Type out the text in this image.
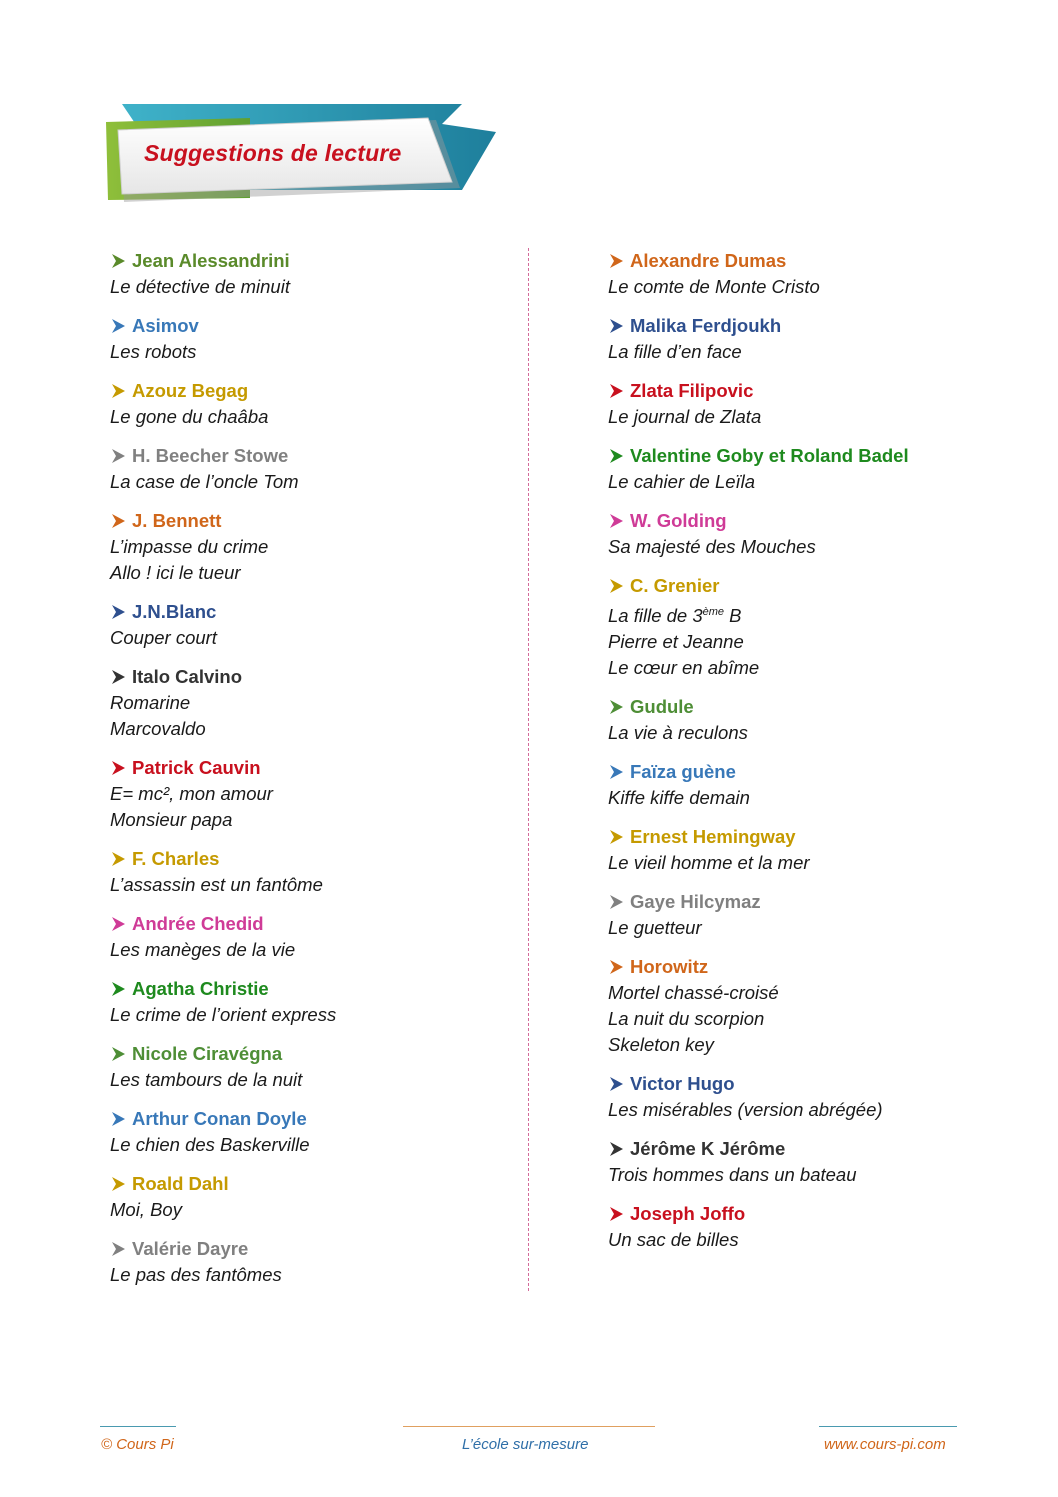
Suggestions de lecture
Jean Alessandrini
Le détective de minuit
Asimov
Les robots
Azouz Begag
Le gone du chaâba
H. Beecher Stowe
La case de l’oncle Tom
J. Bennett
L’impasse du crime
Allo ! ici le tueur
J.N.Blanc
Couper court
Italo Calvino
Romarine
Marcovaldo
Patrick Cauvin
E= mc², mon amour
Monsieur papa
F. Charles
L’assassin est un fantôme
Andrée Chedid
Les manèges de la vie
Agatha Christie
Le crime de l’orient express
Nicole Ciravégna
Les tambours de la nuit
Arthur Conan Doyle
Le chien des Baskerville
Roald Dahl
Moi, Boy
Valérie Dayre
Le pas des fantômes
Alexandre Dumas
Le comte de Monte Cristo
Malika Ferdjoukh
La fille d’en face
Zlata Filipovic
Le journal de Zlata
Valentine Goby et Roland Badel
Le cahier de Leïla
W. Golding
Sa majesté des Mouches
C. Grenier
La fille de 3ème B
Pierre et Jeanne
Le cœur en abîme
Gudule
La vie à reculons
Faïza guène
Kiffe kiffe demain
Ernest Hemingway
Le vieil homme et la mer
Gaye Hilcymaz
Le guetteur
Horowitz
Mortel chassé-croisé
La nuit du scorpion
Skeleton key
Victor Hugo
Les misérables (version abrégée)
Jérôme K Jérôme
Trois hommes dans un bateau
Joseph Joffo
Un sac de billes
© Cours Pi	L’école sur-mesure	www.cours-pi.com
